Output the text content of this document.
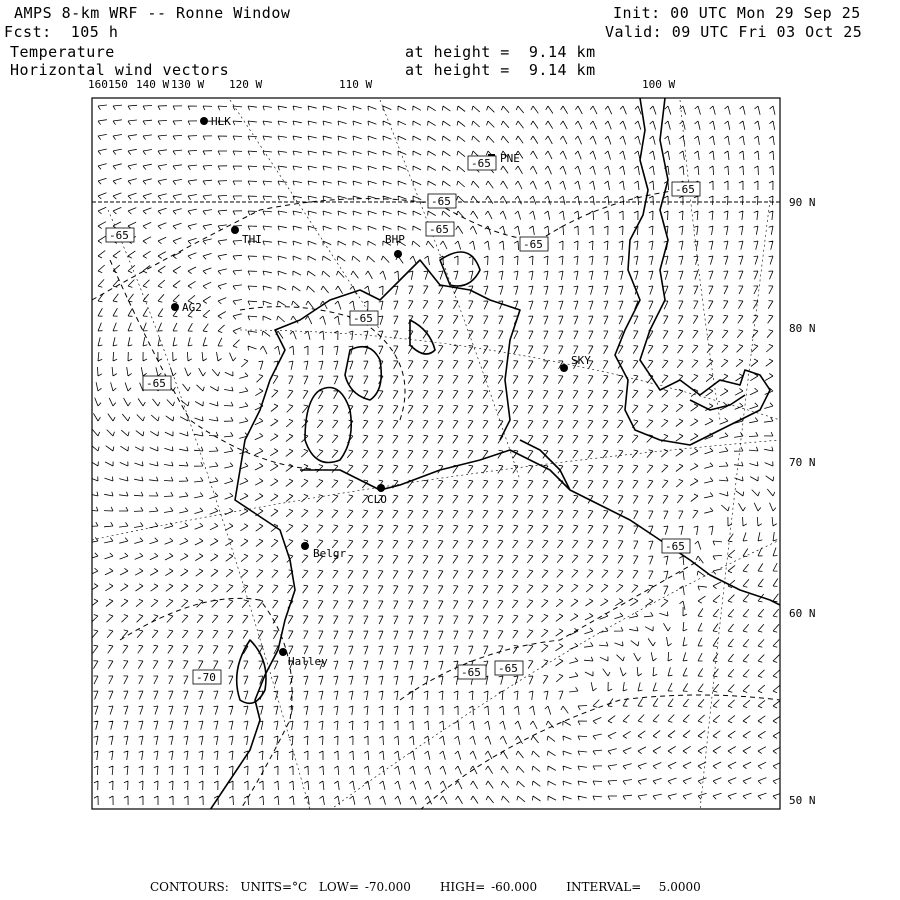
AMPS 8-km WRF -- Ronne Window
Fcst:  105 h
Init: 00 UTC Mon 29 Sep 25
Valid: 09 UTC Fri 03 Oct 25
Temperature	at height =  9.14 km
Horizontal wind vectors	at height =  9.14 km
160 150 140 W 130 W 120 W	110 W	100 W
90 N
80 N
70 N
60 N
50 N
HLK
PNE
THI	BHP
AG2
SKY
CLO
Belgr
Halley
-65
-65
-65
-65
-65
-65
-65
-65
-65
-65 -65
-70
CONTOURS:  UNITS=°C  LOW= -70.000     HIGH= -60.000     INTERVAL=   5.0000
